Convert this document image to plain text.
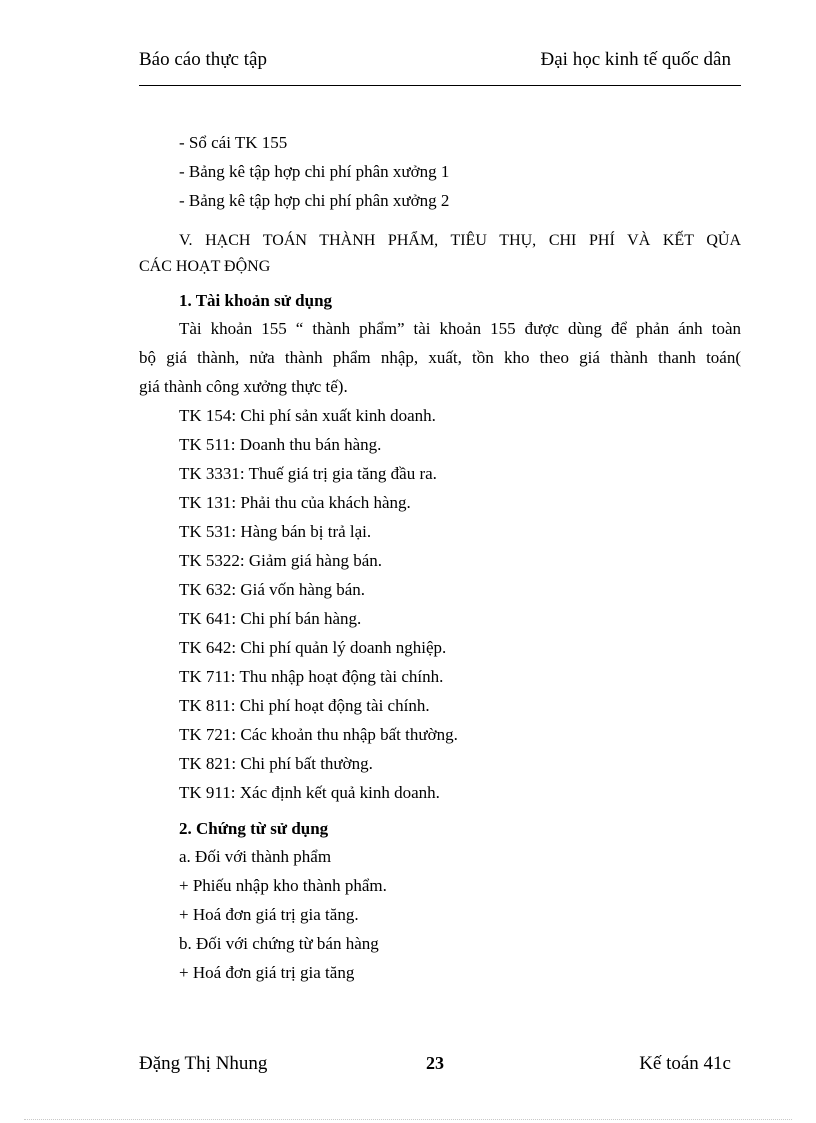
Báo cáo thực tập	Đại học kinh tế quốc dân
- Sổ cái TK 155
- Bảng kê tập hợp chi phí phân xưởng 1
- Bảng kê tập hợp chi phí phân xưởng 2
V. HẠCH TOÁN THÀNH PHẨM, TIÊU THỤ, CHI PHÍ VÀ KẾT QỦA
CÁC HOẠT ĐỘNG
1. Tài khoản sử dụng
Tài khoản 155 “ thành phẩm” tài khoản 155 được dùng để phản ánh toàn
bộ giá thành, nửa thành phẩm nhập, xuất, tồn kho theo giá thành thanh toán(
giá thành công xưởng thực tế).
TK 154: Chi phí sản xuất kinh doanh.
TK 511: Doanh thu bán hàng.
TK 3331: Thuế giá trị gia tăng đầu ra.
TK 131: Phải thu của khách hàng.
TK 531: Hàng bán bị trả lại.
TK 5322: Giảm giá hàng bán.
TK 632: Giá vốn hàng bán.
TK 641: Chi phí bán hàng.
TK 642: Chi phí quản lý doanh nghiệp.
TK 711: Thu nhập hoạt động tài chính.
TK 811: Chi phí hoạt động tài chính.
TK 721: Các khoản thu nhập bất thường.
TK 821: Chi phí bất thường.
TK 911: Xác định kết quả kinh doanh.
2. Chứng từ sử dụng
a. Đối với thành phẩm
+ Phiếu nhập kho thành phẩm.
+ Hoá đơn giá trị gia tăng.
b. Đối với chứng từ bán hàng
+ Hoá đơn giá trị gia tăng
Đặng Thị Nhung	23	Kế toán 41c
